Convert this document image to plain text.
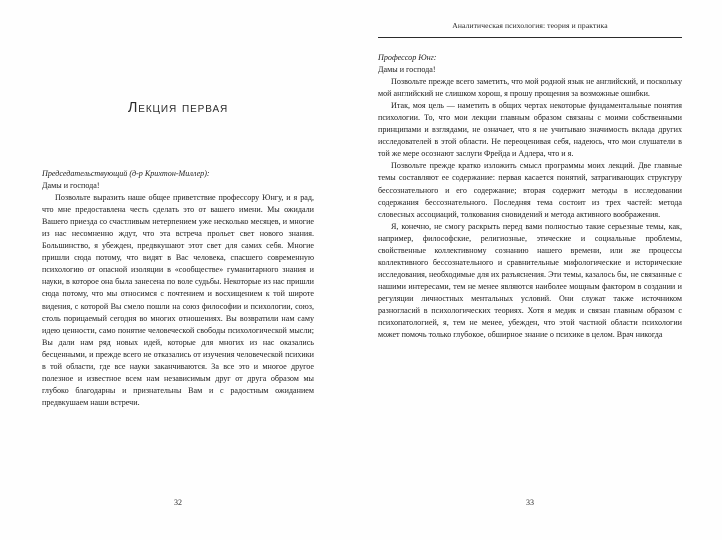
Лекция первая

Председательствующий (д-р Крихтон-Миллер):

Дамы и господа!

Позвольте выразить наше общее приветствие профессору Юнгу, и я рад, что мне предоставлена честь сделать это от вашего имени. Мы ожидали Вашего приезда со счастливым нетерпением уже несколько месяцев, и многие из нас несомненно ждут, что эта встреча прольет свет нового знания. Большинство, я убежден, предвкушают этот свет для самих себя. Многие пришли сюда потому, что видят в Вас человека, спасшего современную психологию от опасной изоляции в «сообществе» гуманитарного знания и науки, в которое она была занесена по воле судьбы. Некоторые из нас пришли сюда потому, что мы относимся с почтением и восхищением к той широте видения, с которой Вы смело пошли на союз философии и психологии, союз, столь порицаемый сегодня во многих отношениях. Вы возвратили нам саму идею ценности, само понятие человеческой свободы психологической мысли; Вы дали нам ряд новых идей, которые для многих из нас оказались бесценными, и прежде всего не отказались от изучения человеческой психики в той области, где все науки заканчиваются. За все это и многое другое полезное и известное всем нам независимым друг от друга образом мы глубоко благодарны и признательны Вам и с радостным ожиданием предвкушаем наши встречи.

32
Аналитическая психология: теория и практика

Профессор Юнг:

Дамы и господа!

Позвольте прежде всего заметить, что мой родной язык не английский, и поскольку мой английский не слишком хорош, я прошу прощения за возможные ошибки.

Итак, моя цель — наметить в общих чертах некоторые фундаментальные понятия психологии. То, что мои лекции главным образом связаны с моими собственными принципами и взглядами, не означает, что я не учитываю значимость вклада других исследователей в этой области. Не переоценивая себя, надеюсь, что мои слушатели в той же мере осознают заслуги Фрейда и Адлера, что и я.

Позвольте прежде кратко изложить смысл программы моих лекций. Две главные темы составляют ее содержание: первая касается понятий, затрагивающих структуру бессознательного и его содержание; вторая содержит методы в исследовании содержания бессознательного. Последняя тема состоит из трех частей: метода словесных ассоциаций, толкования сновидений и метода активного воображения.

Я, конечно, не смогу раскрыть перед вами полностью такие серьезные темы, как, например, философские, религиозные, этические и социальные проблемы, свойственные коллективному сознанию нашего времени, или же процессы коллективного бессознательного и сравнительные мифологические и исторические исследования, необходимые для их разъяснения. Эти темы, казалось бы, не связанные с нашими интересами, тем не менее являются наиболее мощным фактором в создании и регуляции личностных ментальных условий. Они служат также источником разногласий в психологических теориях. Хотя я медик и связан главным образом с психопатологией, я, тем не менее, убежден, что этой частной области психологии может помочь только глубокое, обширное знание о психике в целом. Врач никогда

33
